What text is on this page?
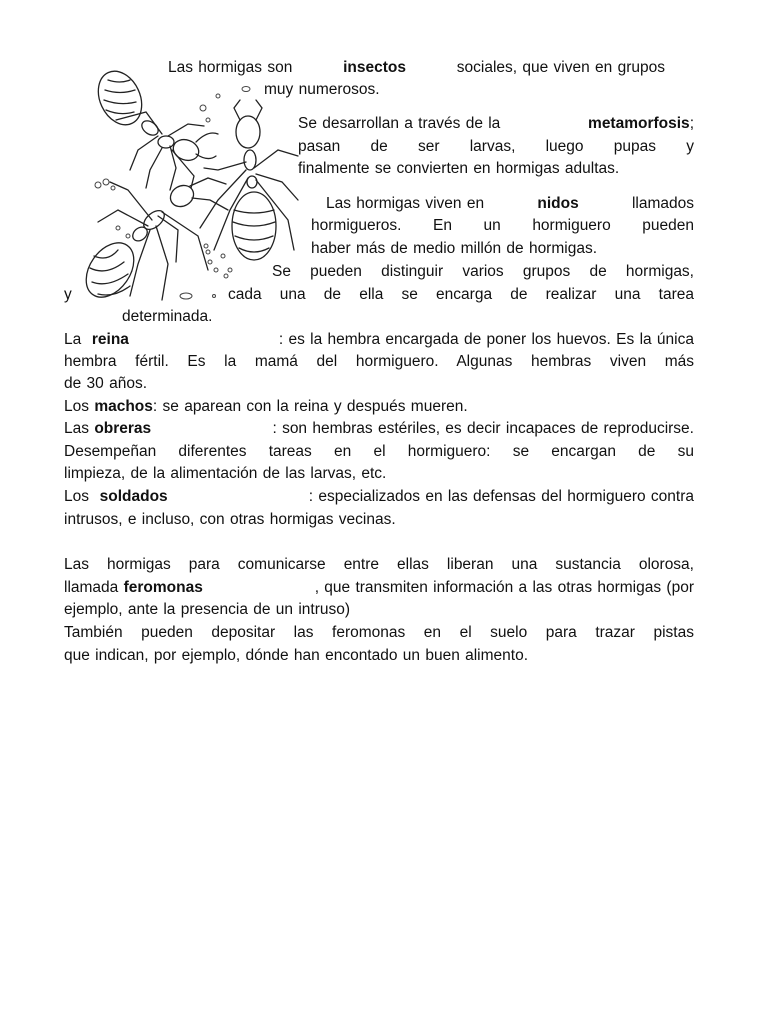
Las hormigas son	insectos	sociales, que viven en grupos
muy numerosos.
Se desarrollan a través de la	metamorfosis;
pasan de ser larvas, luego pupas y
finalmente se convierten en hormigas adultas.
Las hormigas viven en	nidos	llamados
hormigueros. En un hormiguero pueden
haber más de medio millón de hormigas.
Se pueden distinguir varios grupos de hormigas,
y	cada una de ella se encarga de realizar una tarea
determinada.
La reina	: es la hembra encargada de poner los huevos. Es la única
hembra fértil. Es la mamá del hormiguero. Algunas hembras viven más
de 30 años.
Los machos: se aparean con la reina y después mueren.
Las obreras	: son hembras estériles, es decir incapaces de reproducirse.
Desempeñan diferentes tareas en el hormiguero: se encargan de su
limpieza, de la alimentación de las larvas, etc.
Los soldados	: especializados en las defensas del hormiguero contra
intrusos, e incluso, con otras hormigas vecinas.
Las hormigas para comunicarse entre ellas liberan una sustancia olorosa,
llamada feromonas	, que transmiten información a las otras hormigas (por
ejemplo, ante la presencia de un intruso)
También pueden depositar las feromonas en el suelo para trazar pistas
que indican, por ejemplo, dónde han encontado un buen alimento.
